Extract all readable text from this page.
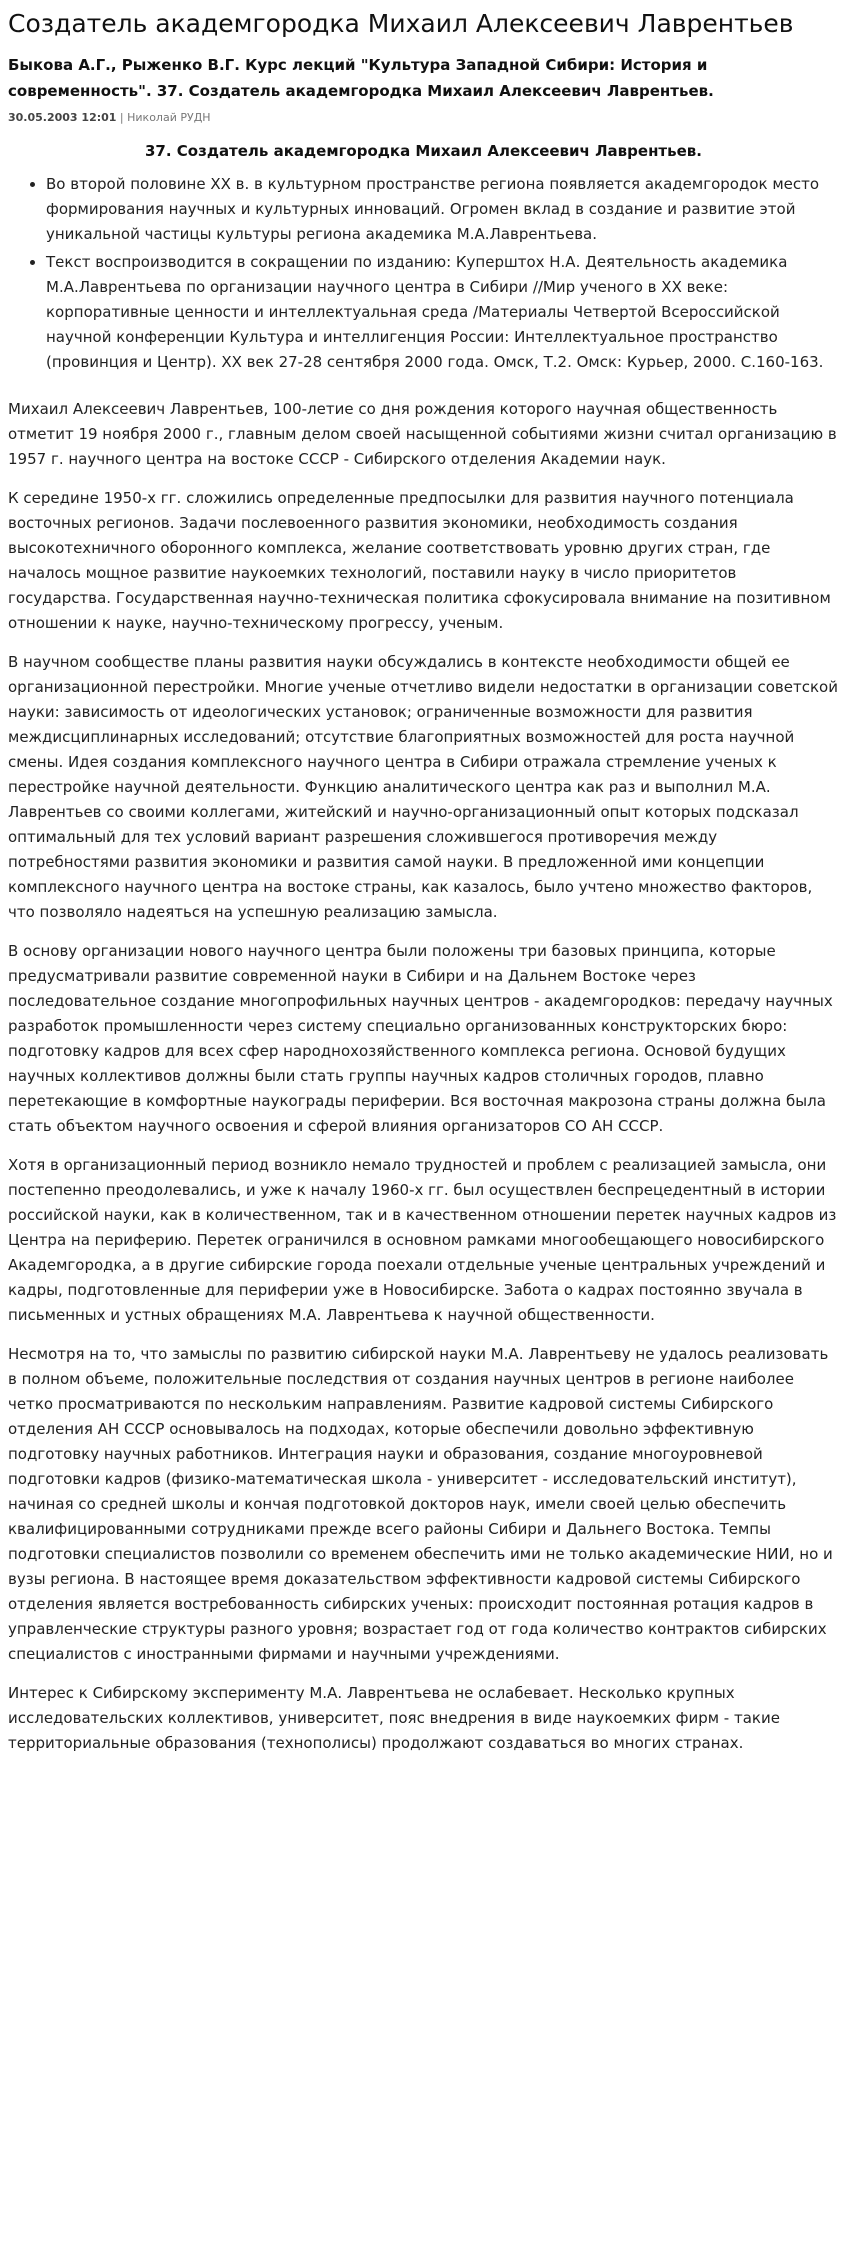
Создатель академгородка Михаил Алексеевич Лаврентьев

Быкова А.Г., Рыженко В.Г. Курс лекций "Культура Западной Сибири: История и современность". 37. Создатель академгородка Михаил Алексеевич Лаврентьев.

30.05.2003 12:01 | Николай РУДН
37. Создатель академгородка Михаил Алексеевич Лаврентьев.
• Во второй половине XX в. в культурном пространстве региона появляется академгородок место формирования научных и культурных инноваций. Огромен вклад в создание и развитие этой уникальной частицы культуры региона академика М.А.Лаврентьева.
• Текст воспроизводится в сокращении по изданию: Куперштох Н.А. Деятельность академика М.А.Лаврентьева по организации научного центра в Сибири //Мир ученого в XX веке: корпоративные ценности и интеллектуальная среда /Материалы Четвертой Всероссийской научной конференции Культура и интеллигенция России: Интеллектуальное пространство (провинция и Центр). XX век 27-28 сентября 2000 года. Омск, Т.2. Омск: Курьер, 2000. С.160-163.

Михаил Алексеевич Лаврентьев, 100-летие со дня рождения которого научная общественность отметит 19 ноября 2000 г., главным делом своей насыщенной событиями жизни считал организацию в 1957 г. научного центра на востоке СССР - Сибирского отделения Академии наук.

К середине 1950-х гг. сложились определенные предпосылки для развития научного потенциала восточных регионов. Задачи послевоенного развития экономики, необходимость создания высокотехничного оборонного комплекса, желание соответствовать уровню других стран, где началось мощное развитие наукоемких технологий, поставили науку в число приоритетов государства. Государственная научно-техническая политика сфокусировала внимание на позитивном отношении к науке, научно-техническому прогрессу, ученым.

В научном сообществе планы развития науки обсуждались в контексте необходимости общей ее организационной перестройки. Многие ученые отчетливо видели недостатки в организации советской науки: зависимость от идеологических установок; ограниченные возможности для развития междисциплинарных исследований; отсутствие благоприятных возможностей для роста научной смены. Идея создания комплексного научного центра в Сибири отражала стремление ученых к перестройке научной деятельности. Функцию аналитического центра как раз и выполнил М.А. Лаврентьев со своими коллегами, житейский и научно-организационный опыт которых подсказал оптимальный для тех условий вариант разрешения сложившегося противоречия между потребностями развития экономики и развития самой науки. В предложенной ими концепции комплексного научного центра на востоке страны, как казалось, было учтено множество факторов, что позволяло надеяться на успешную реализацию замысла.

В основу организации нового научного центра были положены три базовых принципа, которые предусматривали развитие современной науки в Сибири и на Дальнем Востоке через последовательное создание многопрофильных научных центров - академгородков: передачу научных разработок промышленности через систему специально организованных конструкторских бюро: подготовку кадров для всех сфер народнохозяйственного комплекса региона. Основой будущих научных коллективов должны были стать группы научных кадров столичных городов, плавно перетекающие в комфортные наукограды периферии. Вся восточная макрозона страны должна была стать объектом научного освоения и сферой влияния организаторов СО АН СССР.

Хотя в организационный период возникло немало трудностей и проблем с реализацией замысла, они постепенно преодолевались, и уже к началу 1960-х гг. был осуществлен беспрецедентный в истории российской науки, как в количественном, так и в качественном отношении перетек научных кадров из Центра на периферию. Перетек ограничился в основном рамками многообещающего новосибирского Академгородка, а в другие сибирские города поехали отдельные ученые центральных учреждений и кадры, подготовленные для периферии уже в Новосибирске. Забота о кадрах постоянно звучала в письменных и устных обращениях М.А. Лаврентьева к научной общественности.

Несмотря на то, что замыслы по развитию сибирской науки М.А. Лаврентьеву не удалось реализовать в полном объеме, положительные последствия от создания научных центров в регионе наиболее четко просматриваются по нескольким направлениям. Развитие кадровой системы Сибирского отделения АН СССР основывалось на подходах, которые обеспечили довольно эффективную подготовку научных работников. Интеграция науки и образования, создание многоуровневой подготовки кадров (физико-математическая школа - университет - исследовательский институт), начиная со средней школы и кончая подготовкой докторов наук, имели своей целью обеспечить квалифицированными сотрудниками прежде всего районы Сибири и Дальнего Востока. Темпы подготовки специалистов позволили со временем обеспечить ими не только академические НИИ, но и вузы региона. В настоящее время доказательством эффективности кадровой системы Сибирского отделения является востребованность сибирских ученых: происходит постоянная ротация кадров в управленческие структуры разного уровня; возрастает год от года количество контрактов сибирских специалистов с иностранными фирмами и научными учреждениями.

Интерес к Сибирскому эксперименту М.А. Лаврентьева не ослабевает. Несколько крупных исследовательских коллективов, университет, пояс внедрения в виде наукоемких фирм - такие территориальные образования (технополисы) продолжают создаваться во многих странах.
